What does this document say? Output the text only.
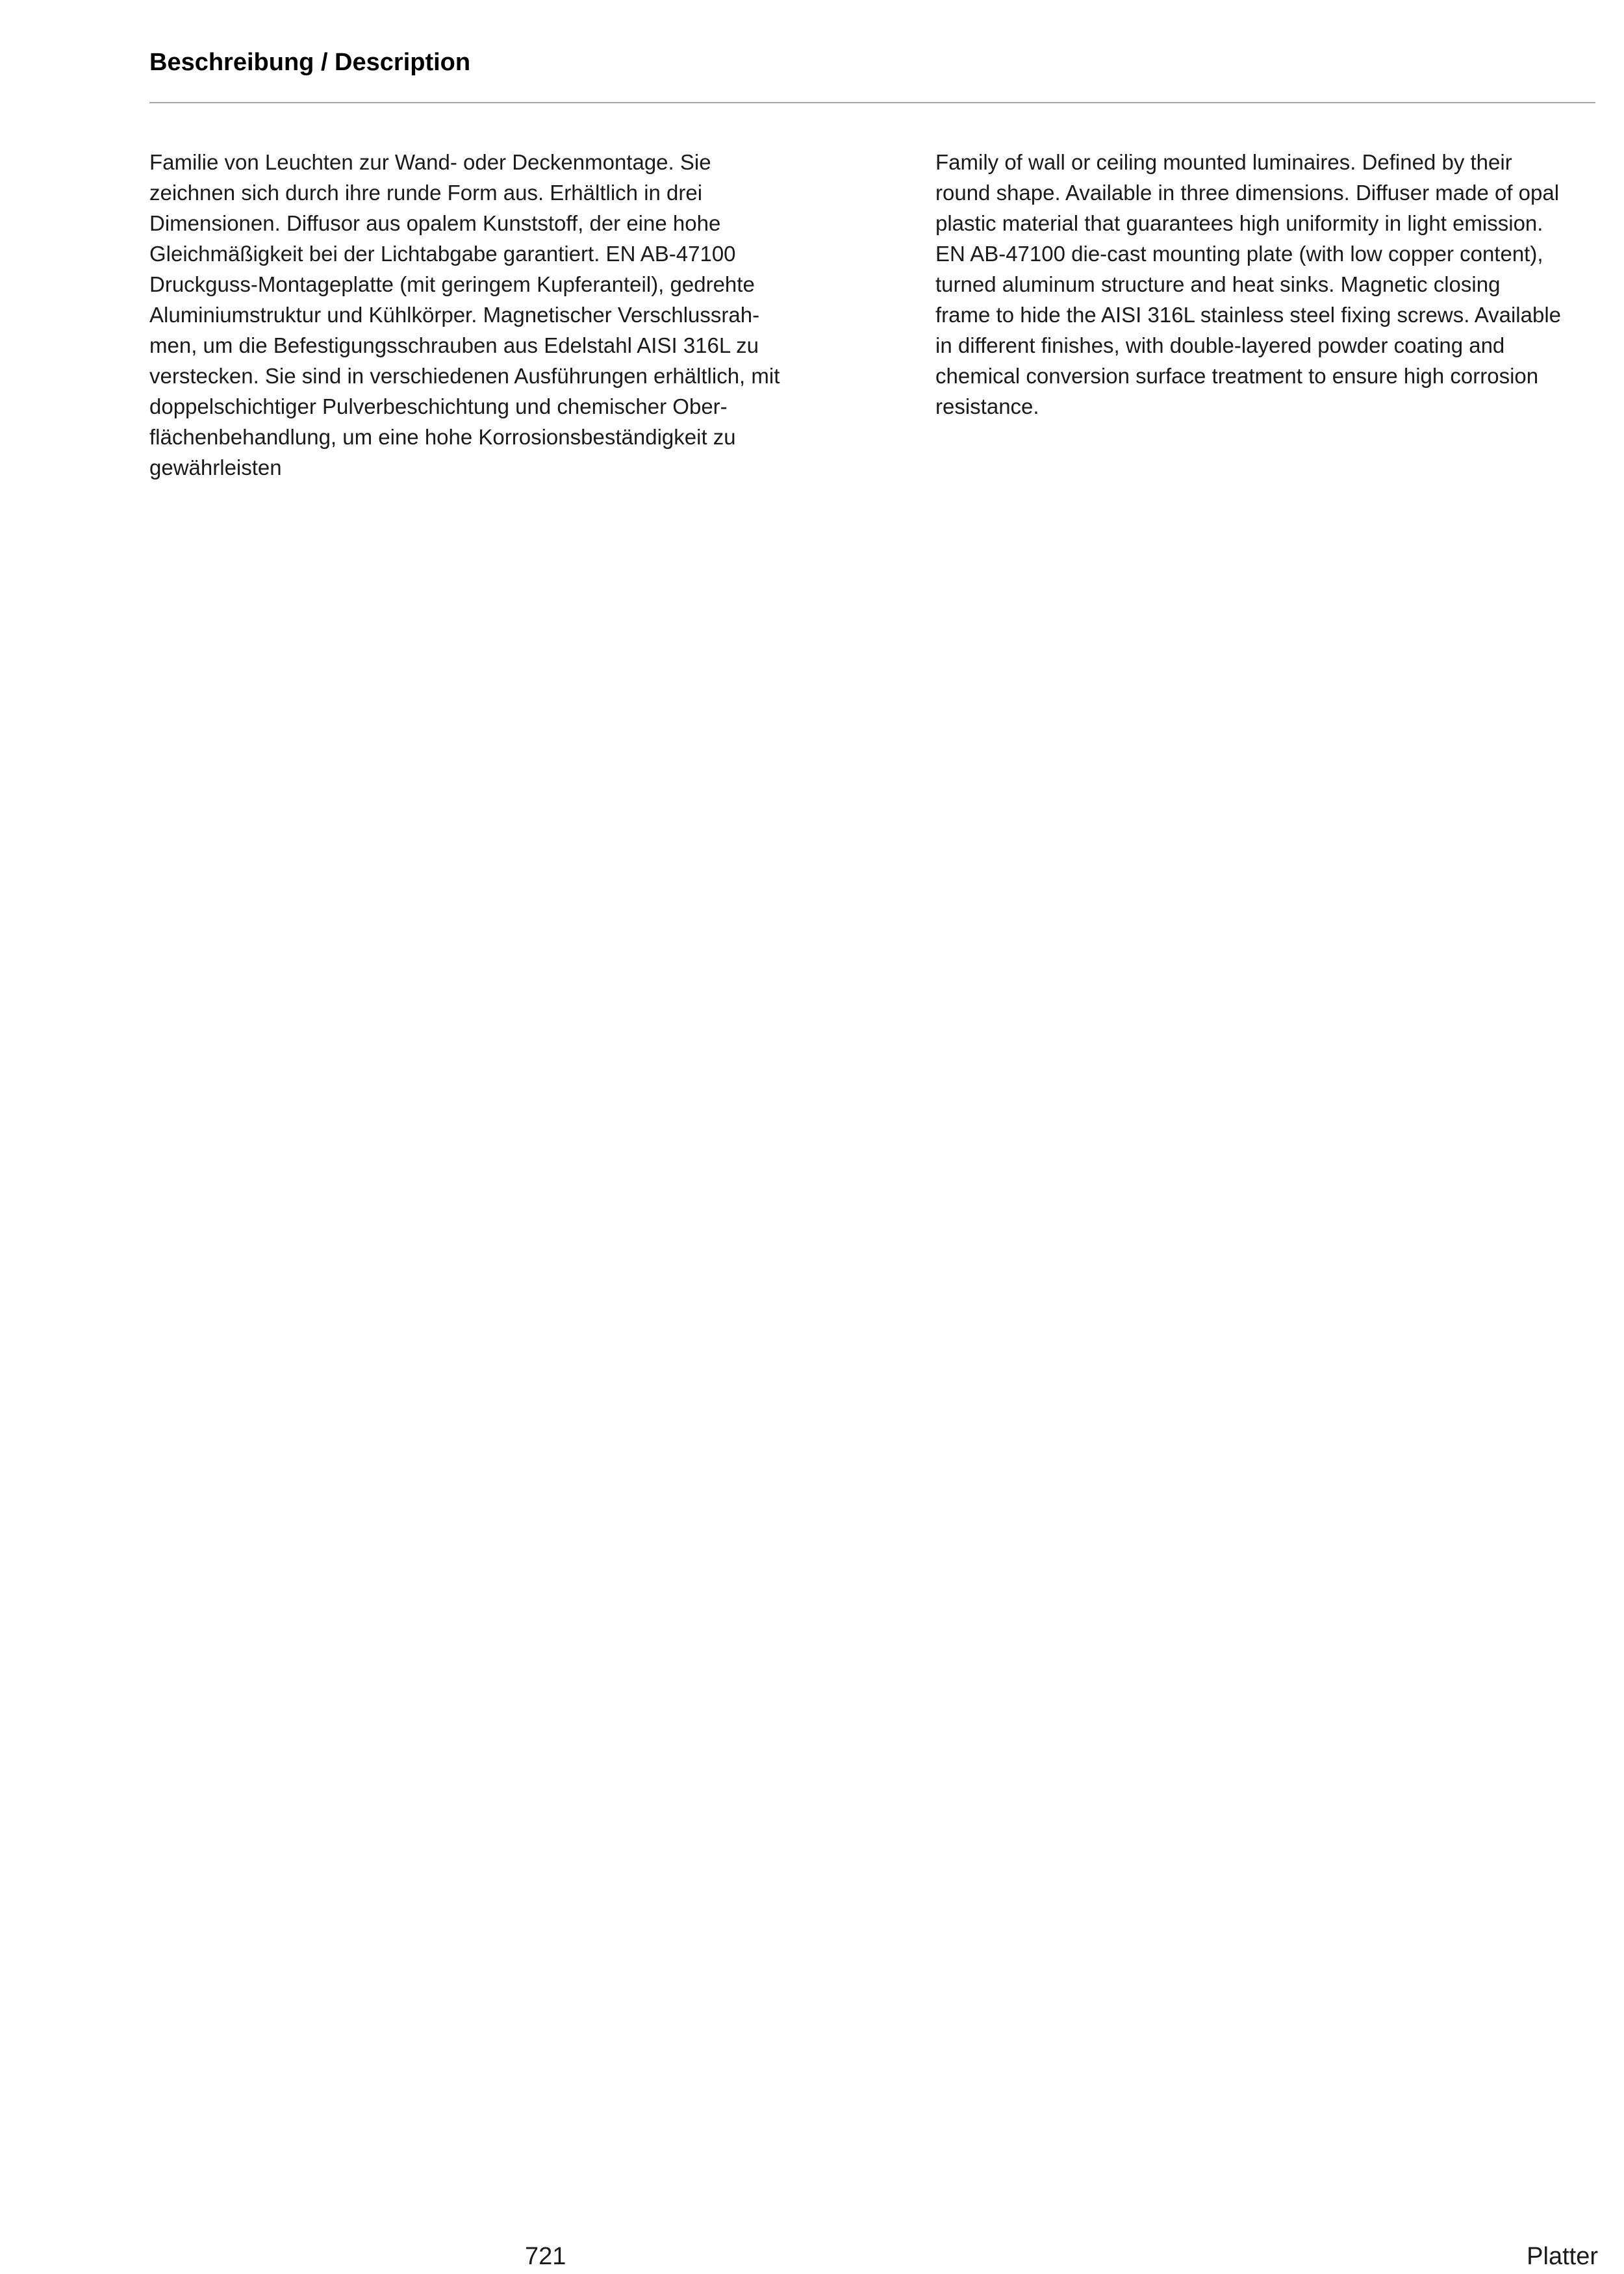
Beschreibung / Description

Familie von Leuchten zur Wand- oder Deckenmontage. Sie
zeichnen sich durch ihre runde Form aus. Erhältlich in drei
Dimensionen. Diffusor aus opalem Kunststoff, der eine hohe
Gleichmäßigkeit bei der Lichtabgabe garantiert. EN AB-47100
Druckguss-Montageplatte (mit geringem Kupferanteil), gedrehte
Aluminiumstruktur und Kühlkörper. Magnetischer Verschlussrah-
men, um die Befestigungsschrauben aus Edelstahl AISI 316L zu
verstecken. Sie sind in verschiedenen Ausführungen erhältlich, mit
doppelschichtiger Pulverbeschichtung und chemischer Ober-
flächenbehandlung, um eine hohe Korrosionsbeständigkeit zu
gewährleisten

Family of wall or ceiling mounted luminaires. Defined by their
round shape. Available in three dimensions. Diffuser made of opal
plastic material that guarantees high uniformity in light emission.
EN AB-47100 die-cast mounting plate (with low copper content),
turned aluminum structure and heat sinks. Magnetic closing
frame to hide the AISI 316L stainless steel fixing screws. Available
in different finishes, with double-layered powder coating and
chemical conversion surface treatment to ensure high corrosion
resistance.

721	Platter
